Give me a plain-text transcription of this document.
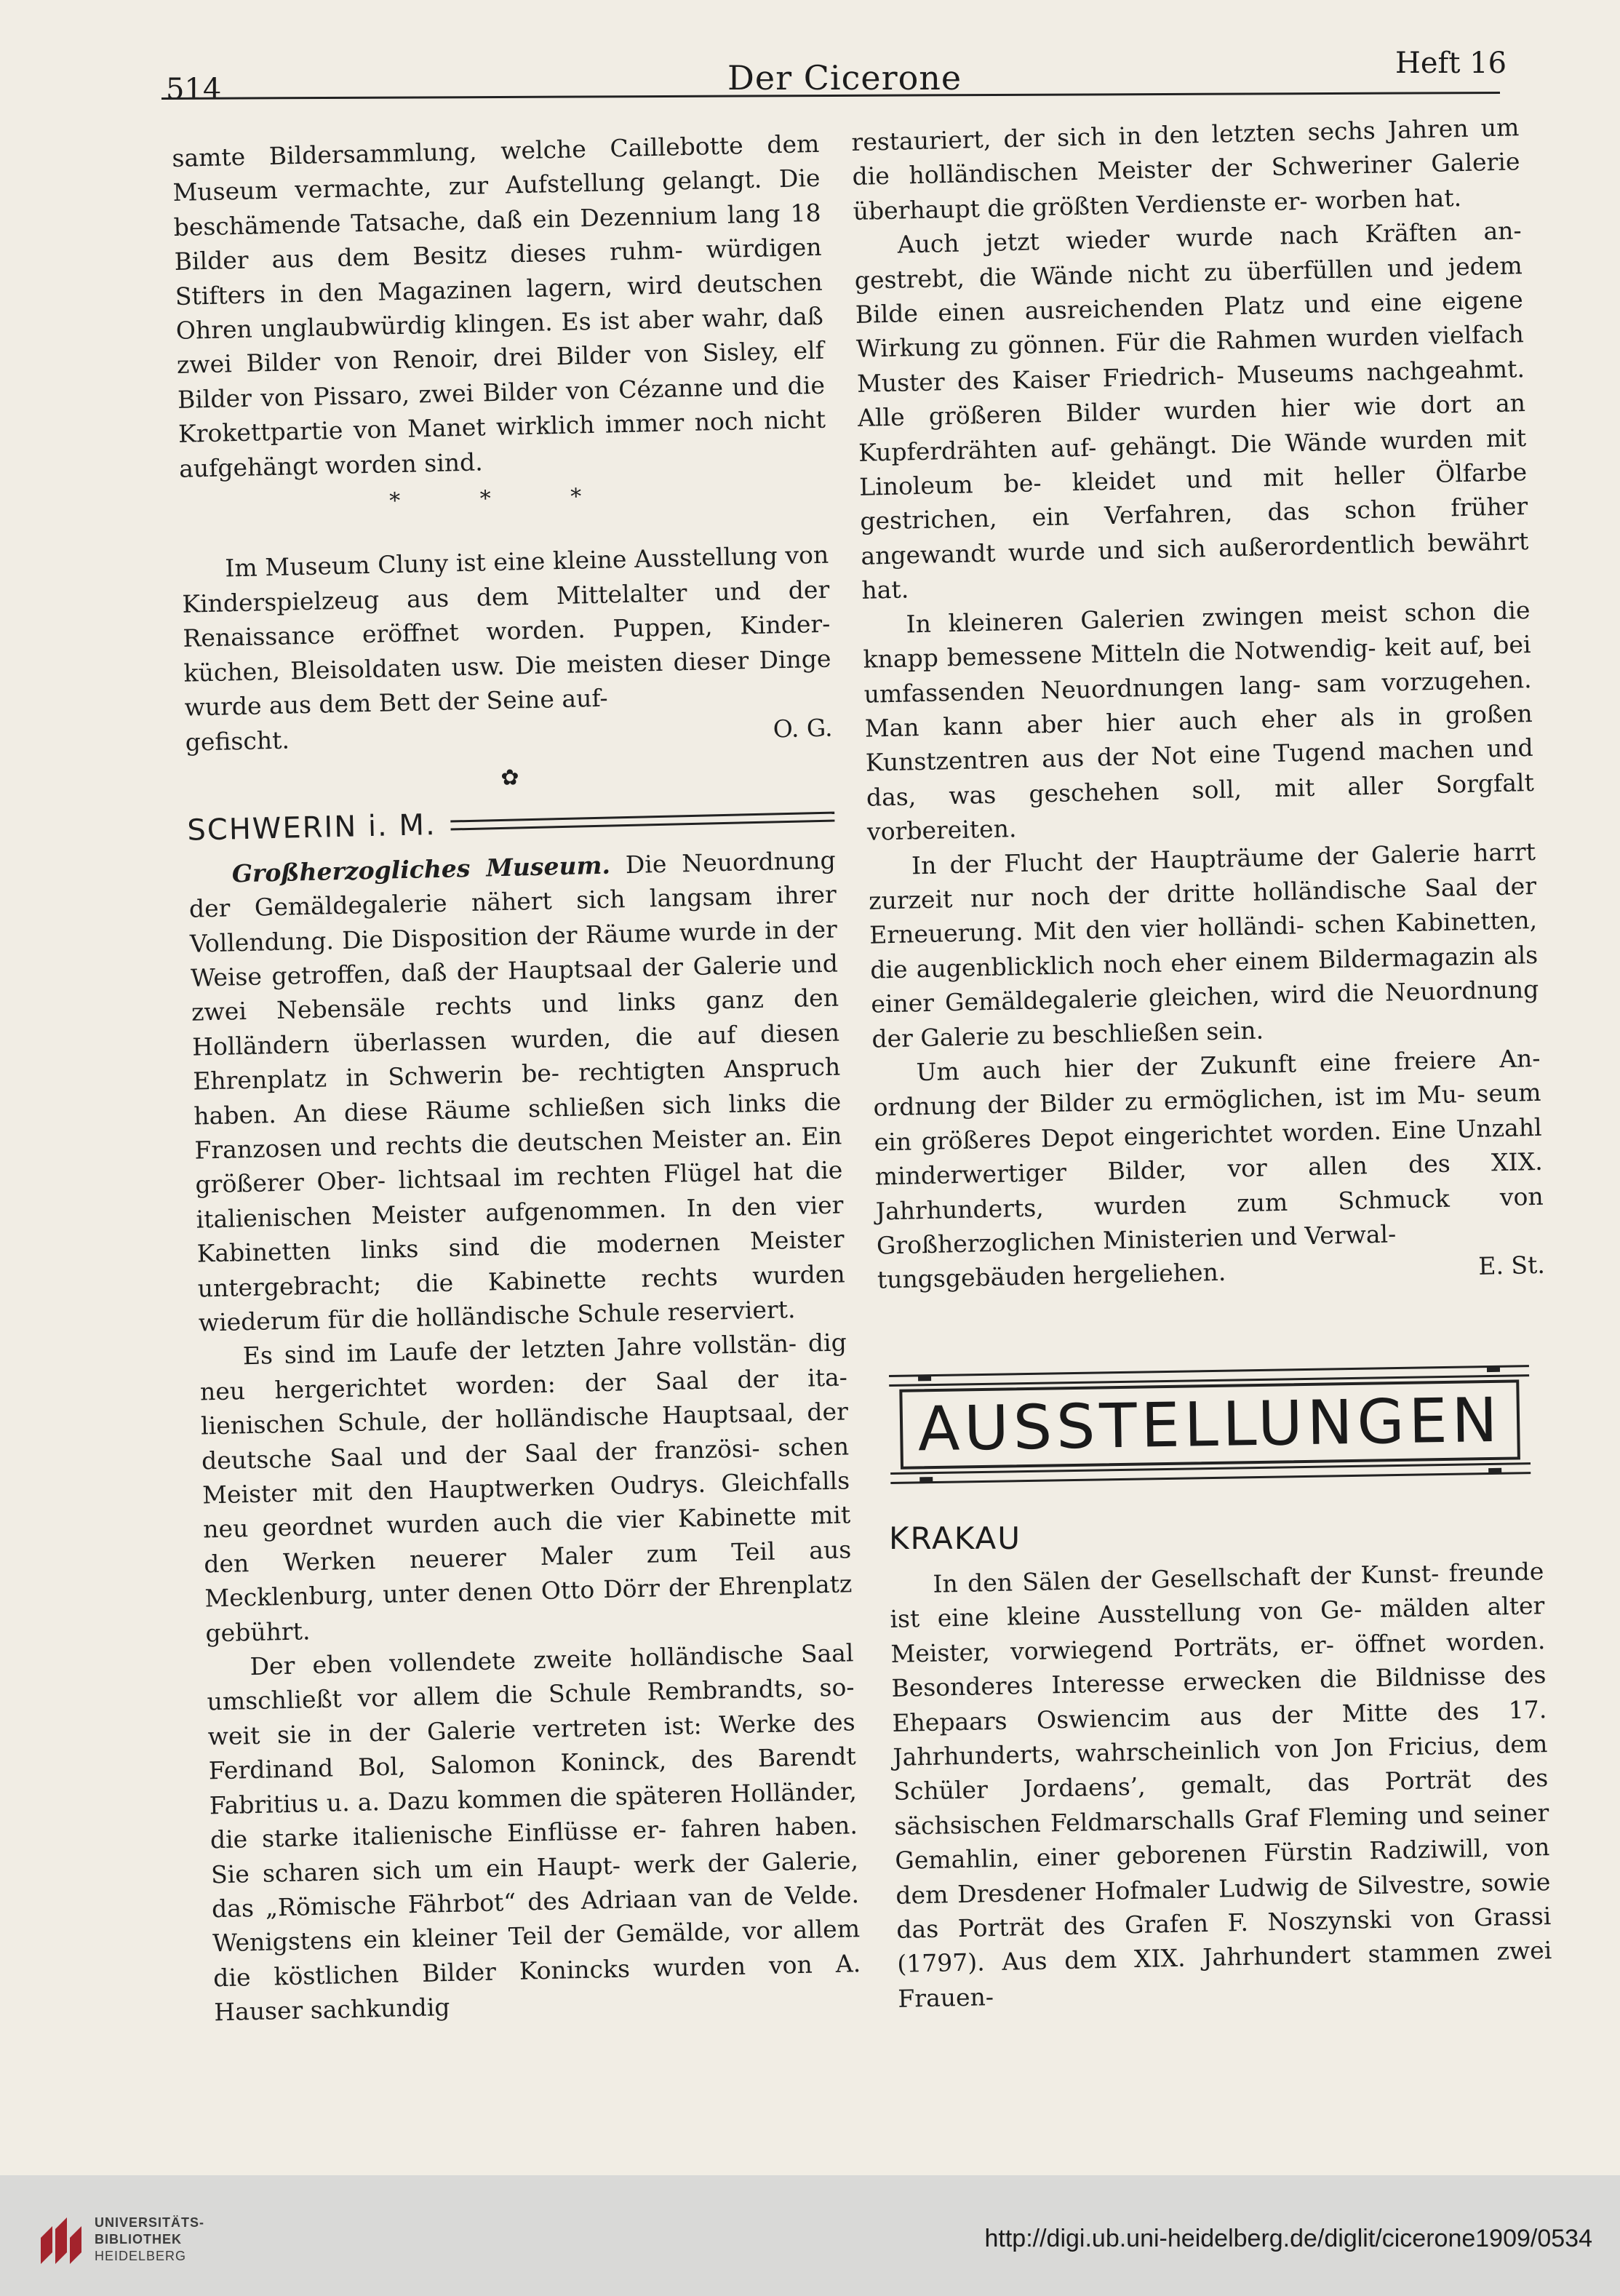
514	Der Cicerone	Heft 16

samte Bildersammlung, welche Caillebotte dem Museum vermachte, zur Aufstellung gelangt. Die beschämende Tatsache, daß ein Dezennium lang 18 Bilder aus dem Besitz dieses ruhm- würdigen Stifters in den Magazinen lagern, wird deutschen Ohren unglaubwürdig klingen. Es ist aber wahr, daß zwei Bilder von Renoir, drei Bilder von Sisley, elf Bilder von Pissaro, zwei Bilder von Cézanne und die Krokettpartie von Manet wirklich immer noch nicht aufgehängt worden sind.

* * *

Im Museum Cluny ist eine kleine Ausstellung von Kinderspielzeug aus dem Mittelalter und der Renaissance eröffnet worden. Puppen, Kinder- küchen, Bleisoldaten usw. Die meisten dieser Dinge wurde aus dem Bett der Seine auf-

gefischt.	O. G.
✿
SCHWERIN i. M.

Großherzogliches Museum. Die Neuordnung der Gemäldegalerie nähert sich langsam ihrer Vollendung. Die Disposition der Räume wurde in der Weise getroffen, daß der Hauptsaal der Galerie und zwei Nebensäle rechts und links ganz den Holländern überlassen wurden, die auf diesen Ehrenplatz in Schwerin be- rechtigten Anspruch haben. An diese Räume schließen sich links die Franzosen und rechts die deutschen Meister an. Ein größerer Ober- lichtsaal im rechten Flügel hat die italienischen Meister aufgenommen. In den vier Kabinetten links sind die modernen Meister untergebracht; die Kabinette rechts wurden wiederum für die holländische Schule reserviert.

Es sind im Laufe der letzten Jahre vollstän- dig neu hergerichtet worden: der Saal der ita- lienischen Schule, der holländische Hauptsaal, der deutsche Saal und der Saal der französi- schen Meister mit den Hauptwerken Oudrys. Gleichfalls neu geordnet wurden auch die vier Kabinette mit den Werken neuerer Maler zum Teil aus Mecklenburg, unter denen Otto Dörr der Ehrenplatz gebührt.

Der eben vollendete zweite holländische Saal umschließt vor allem die Schule Rembrandts, so- weit sie in der Galerie vertreten ist: Werke des Ferdinand Bol, Salomon Koninck, des Barendt Fabritius u. a. Dazu kommen die späteren Holländer, die starke italienische Einflüsse er- fahren haben. Sie scharen sich um ein Haupt- werk der Galerie, das „Römische Fährbot“ des Adriaan van de Velde. Wenigstens ein kleiner Teil der Gemälde, vor allem die köstlichen Bilder Konincks wurden von A. Hauser sachkundig

restauriert, der sich in den letzten sechs Jahren um die holländischen Meister der Schweriner Galerie überhaupt die größten Verdienste er- worben hat.

Auch jetzt wieder wurde nach Kräften an- gestrebt, die Wände nicht zu überfüllen und jedem Bilde einen ausreichenden Platz und eine eigene Wirkung zu gönnen. Für die Rahmen wurden vielfach Muster des Kaiser Friedrich- Museums nachgeahmt. Alle größeren Bilder wurden hier wie dort an Kupferdrähten auf- gehängt. Die Wände wurden mit Linoleum be- kleidet und mit heller Ölfarbe gestrichen, ein Verfahren, das schon früher angewandt wurde und sich außerordentlich bewährt hat.

In kleineren Galerien zwingen meist schon die knapp bemessene Mitteln die Notwendig- keit auf, bei umfassenden Neuordnungen lang- sam vorzugehen. Man kann aber hier auch eher als in großen Kunstzentren aus der Not eine Tugend machen und das, was geschehen soll, mit aller Sorgfalt vorbereiten.

In der Flucht der Haupträume der Galerie harrt zurzeit nur noch der dritte holländische Saal der Erneuerung. Mit den vier holländi- schen Kabinetten, die augenblicklich noch eher einem Bildermagazin als einer Gemäldegalerie gleichen, wird die Neuordnung der Galerie zu beschließen sein.

Um auch hier der Zukunft eine freiere An- ordnung der Bilder zu ermöglichen, ist im Mu- seum ein größeres Depot eingerichtet worden. Eine Unzahl minderwertiger Bilder, vor allen des XIX. Jahrhunderts, wurden zum Schmuck von Großherzoglichen Ministerien und Verwal-

tungsgebäuden hergeliehen.	E. St.
AUSSTELLUNGEN
KRAKAU

In den Sälen der Gesellschaft der Kunst- freunde ist eine kleine Ausstellung von Ge- mälden alter Meister, vorwiegend Porträts, er- öffnet worden. Besonderes Interesse erwecken die Bildnisse des Ehepaars Oswiencim aus der Mitte des 17. Jahrhunderts, wahrscheinlich von Jon Fricius, dem Schüler Jordaens’, gemalt, das Porträt des sächsischen Feldmarschalls Graf Fleming und seiner Gemahlin, einer geborenen Fürstin Radziwill, von dem Dresdener Hofmaler Ludwig de Silvestre, sowie das Porträt des Grafen F. Noszynski von Grassi (1797). Aus dem XIX. Jahrhundert stammen zwei Frauen-

UNIVERSITÄTS-
BIBLIOTHEK
HEIDELBERG
http://digi.ub.uni-heidelberg.de/diglit/cicerone1909/0534
